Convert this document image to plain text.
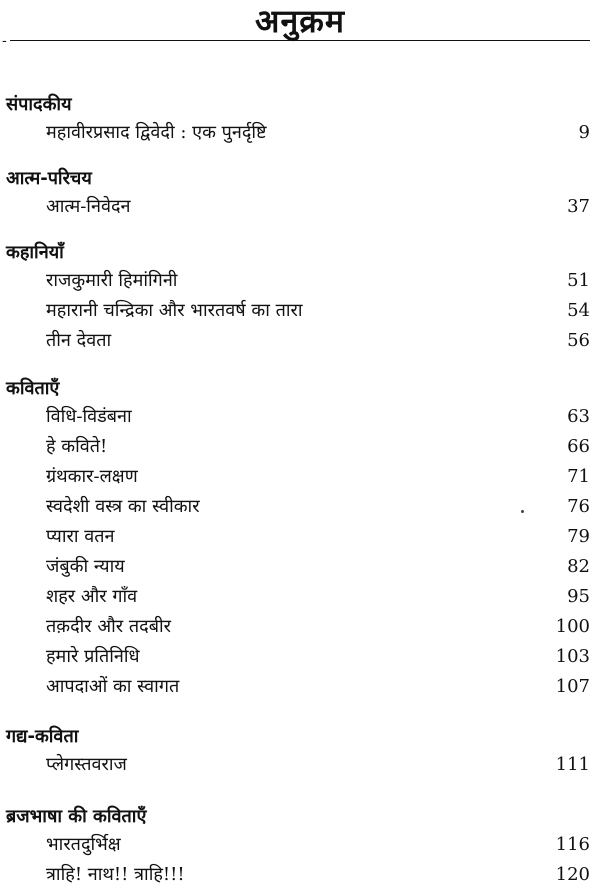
अनुक्रम
-
संपादकीय
महावीरप्रसाद द्विवेदी : एक पुनर्दृष्टि	9
आत्म-परिचय
आत्म-निवेदन	37
कहानियाँ
राजकुमारी हिमांगिनी	51
महारानी चन्द्रिका और भारतवर्ष का तारा	54
तीन देवता	56
कविताएँ
विधि-विडंबना	63
हे कविते!	66
ग्रंथकार-लक्षण	71
स्वदेशी वस्त्र का स्वीकार	76
प्यारा वतन	79
जंबुकी न्याय	82
शहर और गाँव	95
तक़दीर और तदबीर	100
हमारे प्रतिनिधि	103
आपदाओं का स्वागत	107
गद्य-कविता
प्लेगस्तवराज	111
ब्रजभाषा की कविताएँ
भारतदुर्भिक्ष	116
त्राहि! नाथ!! त्राहि!!!	120
